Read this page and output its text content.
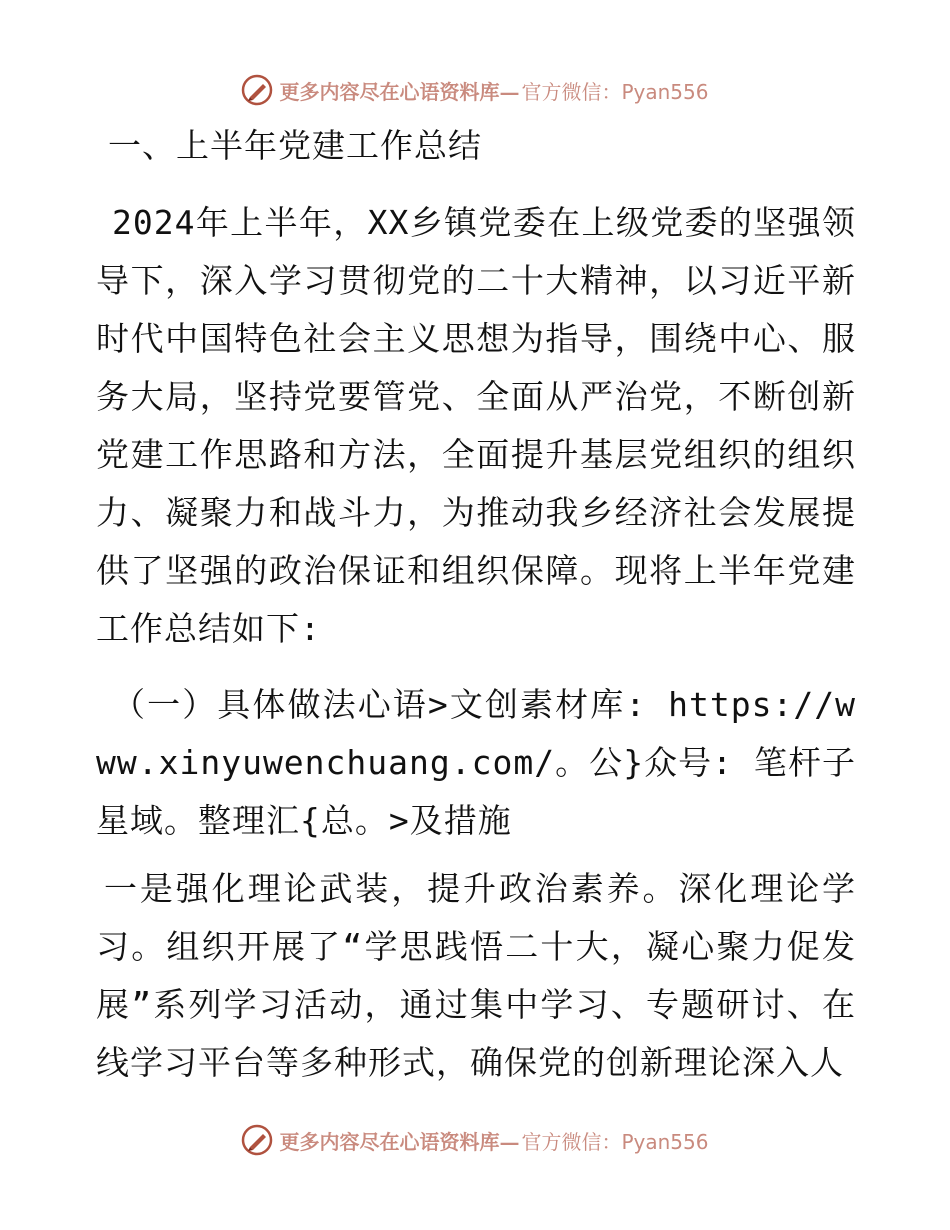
更多内容尽在心语资料库— 官方微信：Pyan556
一、上半年党建工作总结

2024年上半年，XX乡镇党委在上级党委的坚强领导下，深入学习贯彻党的二十大精神，以习近平新时代中国特色社会主义思想为指导，围绕中心、服务大局，坚持党要管党、全面从严治党，不断创新党建工作思路和方法，全面提升基层党组织的组织力、凝聚力和战斗力，为推动我乡经济社会发展提供了坚强的政治保证和组织保障。现将上半年党建工作总结如下:

（一）具体做法心语>文创素材库: https://www.xinyuwenchuang.com/。公}众号: 笔杆子星域。整理汇{总。>及措施

一是强化理论武装，提升政治素养。深化理论学习。组织开展了“学思践悟二十大，凝心聚力促发展”系列学习活动，通过集中学习、专题研讨、在线学习平台等多种形式，确保党的创新理论深入人

更多内容尽在心语资料库— 官方微信：Pyan556
